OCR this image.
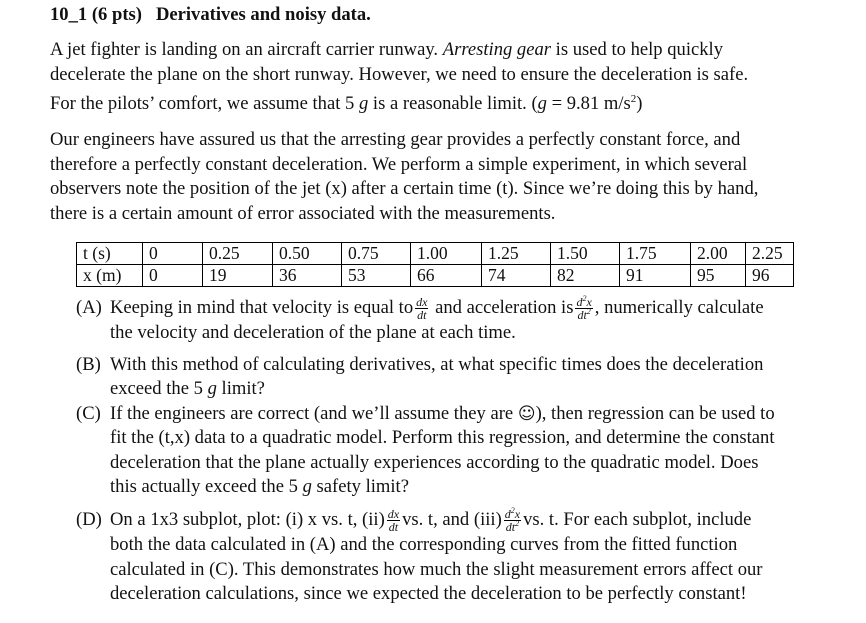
10_1 (6 pts) Derivatives and noisy data.
A jet fighter is landing on an aircraft carrier runway. Arresting gear is used to help quickly
decelerate the plane on the short runway. However, we need to ensure the deceleration is safe.
For the pilots’ comfort, we assume that 5 g is a reasonable limit. (g = 9.81 $m/s^2$)
Our engineers have assured us that the arresting gear provides a perfectly constant force, and
therefore a perfectly constant deceleration. We perform a simple experiment, in which several
observers note the position of the jet (x) after a certain time (t). Since we’re doing this by hand,
there is a certain amount of error associated with the measurements.
t (s)	0	0.25	0.50	0.75	1.00	1.25	1.50	1.75	2.00	2.25
x (m)	0	19	36	53	66	74	82	91	95	96
(A) Keeping in mind that velocity is equal to $\frac{dx}{dt}$ and acceleration is $\frac{d^2x}{dt^2}$ , numerically calculate
the velocity and deceleration of the plane at each time.
(B) With this method of calculating derivatives, at what specific times does the deceleration
exceed the 5 g limit?
(C) If the engineers are correct (and we’ll assume they are ☺), then regression can be used to
fit the (t,x) data to a quadratic model. Perform this regression, and determine the constant
deceleration that the plane actually experiences according to the quadratic model. Does
this actually exceed the 5 g safety limit?
(D) On a 1x3 subplot, plot: (i) x vs. t, $(ii) \frac{dx}{dt}$ vs. t, and $(iii) \frac{d^2x}{dt^2}$ vs. t. For each subplot, include
both the data calculated in (A) and the corresponding curves from the fitted function
calculated in (C). This demonstrates how much the slight measurement errors affect our
deceleration calculations, since we expected the deceleration to be perfectly constant!
